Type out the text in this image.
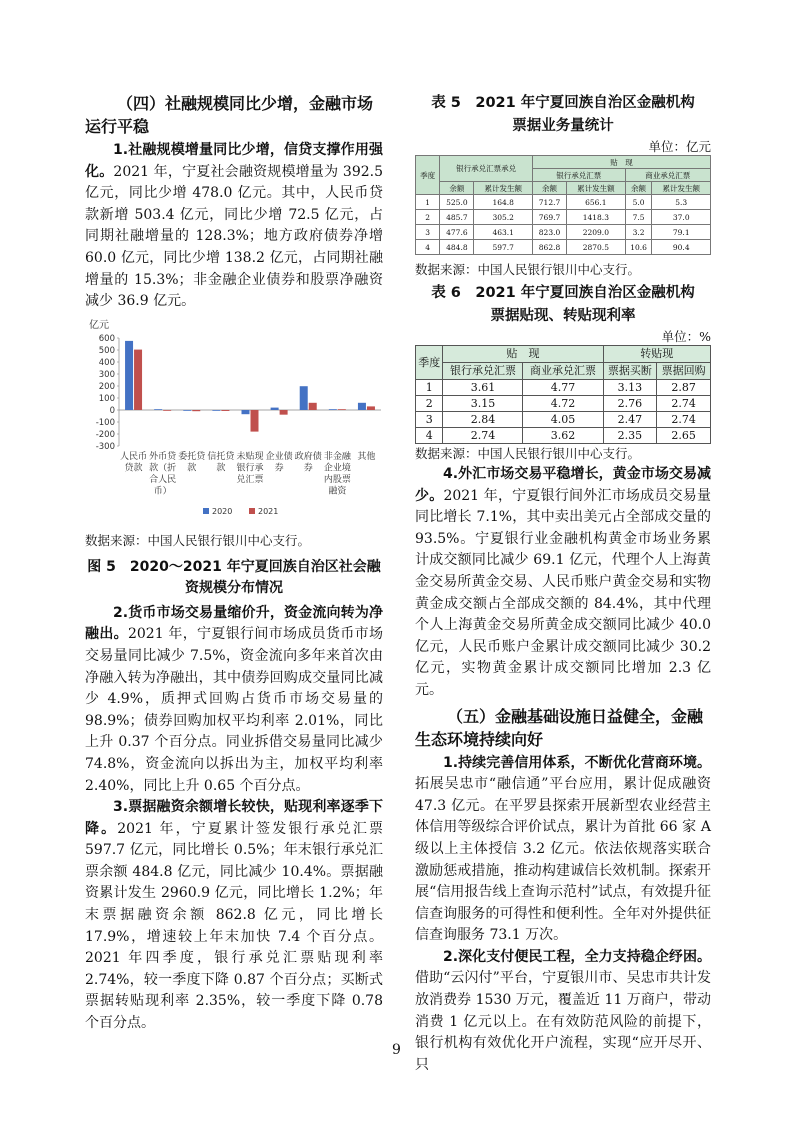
（四）社融规模同比少增，金融市场运行平稳

1.社融规模增量同比少增，信贷支撑作用强化。2021 年，宁夏社会融资规模增量为 392.5 亿元，同比少增 478.0 亿元。其中，人民币贷款新增 503.4 亿元，同比少增 72.5 亿元，占同期社融增量的 128.3%；地方政府债券净增 60.0 亿元，同比少增 138.2 亿元，占同期社融增量的 15.3%；非金融企业债券和股票净融资减少 36.9 亿元。

亿元
600
500
400
300
200
100
0
-100
-200
-300
人民币贷款
外币贷款（折合人民币）
委托贷款
信托贷款
未贴现银行承兑汇票
企业债券
政府债券
非金融企业境内股票融资
其他
2020	2021

数据来源：中国人民银行银川中心支行。

图 5　2020～2021 年宁夏回族自治区社会融资规模分布情况

2.货币市场交易量缩价升，资金流向转为净融出。2021 年，宁夏银行间市场成员货币市场交易量同比减少 7.5%，资金流向多年来首次由净融入转为净融出，其中债券回购成交量同比减少 4.9%，质押式回购占货币市场交易量的 98.9%；债券回购加权平均利率 2.01%，同比上升 0.37 个百分点。同业拆借交易量同比减少 74.8%，资金流向以拆出为主，加权平均利率 2.40%，同比上升 0.65 个百分点。

3.票据融资余额增长较快，贴现利率逐季下降。2021 年，宁夏累计签发银行承兑汇票 597.7 亿元，同比增长 0.5%；年末银行承兑汇票余额 484.8 亿元，同比减少 10.4%。票据融资累计发生 2960.9 亿元，同比增长 1.2%；年末票据融资余额 862.8 亿元，同比增长 17.9%，增速较上年末加快 7.4 个百分点。2021 年四季度，银行承兑汇票贴现利率 2.74%，较一季度下降 0.87 个百分点；买断式票据转贴现利率 2.35%，较一季度下降 0.78 个百分点。

表 5　2021 年宁夏回族自治区金融机构票据业务量统计

单位：亿元

季度	银行承兑汇票承兑		贴　现			
			银行承兑汇票		商业承兑汇票	
	余额	累计发生额	余额	累计发生额	余额	累计发生额
1	525.0	164.8	712.7	656.1	5.0	5.3
2	485.7	305.2	769.7	1418.3	7.5	37.0
3	477.6	463.1	823.0	2209.0	3.2	79.1
4	484.8	597.7	862.8	2870.5	10.6	90.4

数据来源：中国人民银行银川中心支行。

表 6　2021 年宁夏回族自治区金融机构票据贴现、转贴现利率

单位：%

季度	贴　现		转贴现	
	银行承兑汇票	商业承兑汇票	票据买断	票据回购
1	3.61	4.77	3.13	2.87
2	3.15	4.72	2.76	2.74
3	2.84	4.05	2.47	2.74
4	2.74	3.62	2.35	2.65

数据来源：中国人民银行银川中心支行。

4.外汇市场交易平稳增长，黄金市场交易减少。2021 年，宁夏银行间外汇市场成员交易量同比增长 7.1%，其中卖出美元占全部成交量的 93.5%。宁夏银行业金融机构黄金市场业务累计成交额同比减少 69.1 亿元，代理个人上海黄金交易所黄金交易、人民币账户黄金交易和实物黄金成交额占全部成交额的 84.4%，其中代理个人上海黄金交易所黄金成交额同比减少 40.0 亿元，人民币账户金累计成交额同比减少 30.2 亿元，实物黄金累计成交额同比增加 2.3 亿元。

（五）金融基础设施日益健全，金融生态环境持续向好

1.持续完善信用体系，不断优化营商环境。拓展吴忠市“融信通”平台应用，累计促成融资 47.3 亿元。在平罗县探索开展新型农业经营主体信用等级综合评价试点，累计为首批 66 家 A 级以上主体授信 3.2 亿元。依法依规落实联合激励惩戒措施，推动构建诚信长效机制。探索开展“信用报告线上查询示范村”试点，有效提升征信查询服务的可得性和便利性。全年对外提供征信查询服务 73.1 万次。

2.深化支付便民工程，全力支持稳企纾困。借助“云闪付”平台，宁夏银川市、吴忠市共计发放消费券 1530 万元，覆盖近 11 万商户，带动消费 1 亿元以上。在有效防范风险的前提下，银行机构有效优化开户流程，实现“应开尽开、只

9
